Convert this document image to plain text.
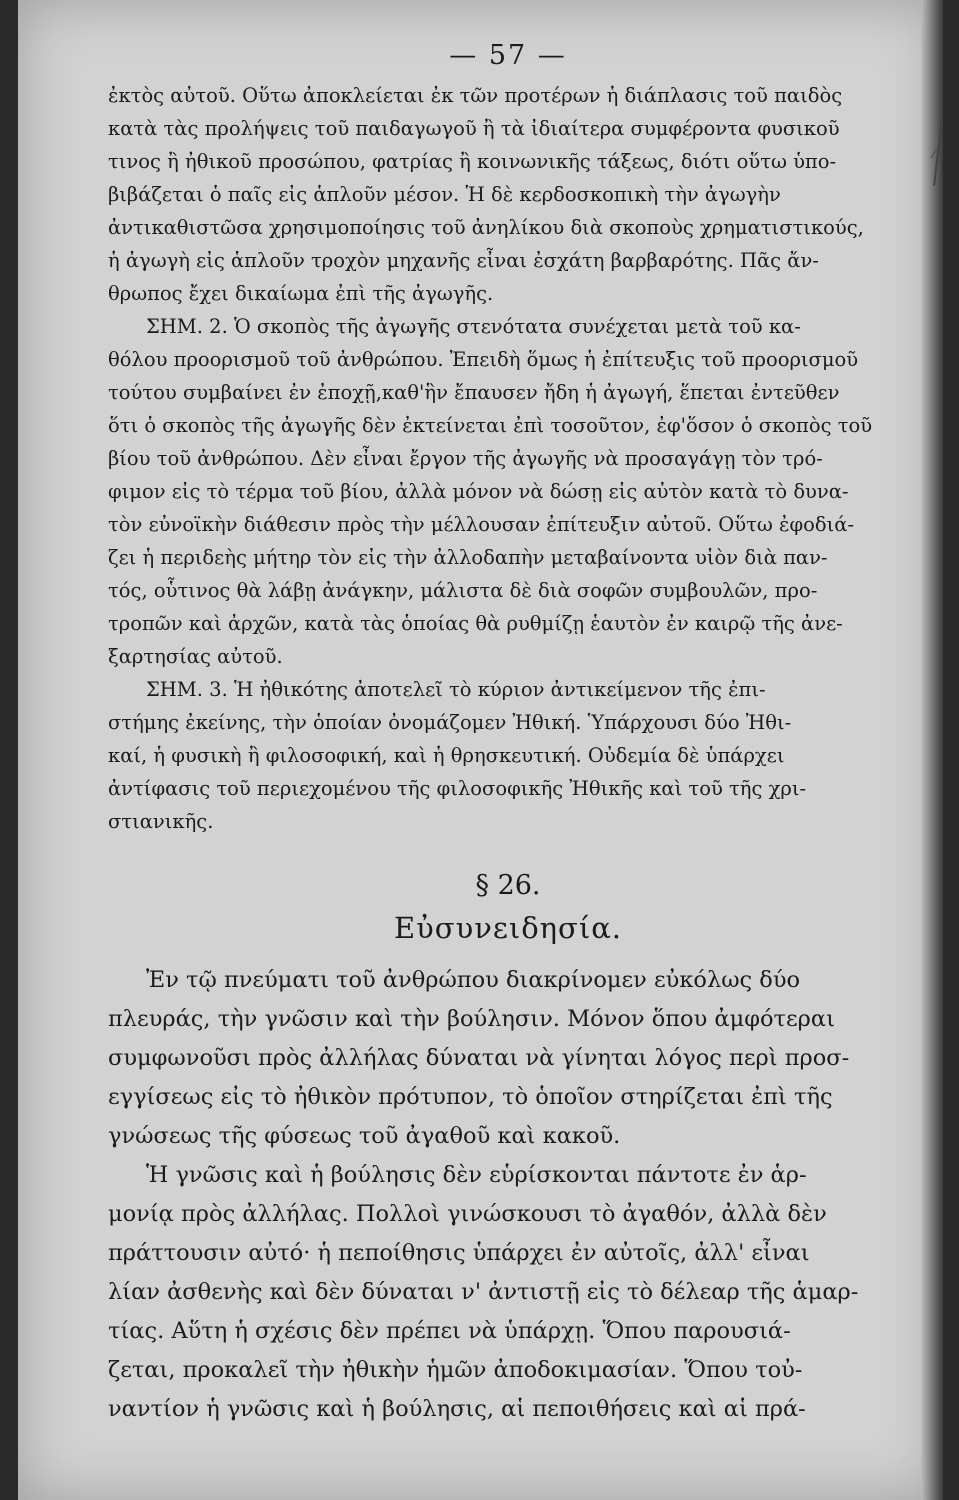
— 57 —
ἐκτὸς αὐτοῦ. Οὕτω ἀποκλείεται ἐκ τῶν προτέρων ἡ διάπλασις τοῦ παιδὸς
κατὰ τὰς προλήψεις τοῦ παιδαγωγοῦ ἢ τὰ ἰδιαίτερα συμφέροντα φυσικοῦ
τινος ἢ ἠθικοῦ προσώπου, φατρίας ἢ κοινωνικῆς τάξεως, διότι οὕτω ὑπο-
βιβάζεται ὁ παῖς εἰς ἁπλοῦν μέσον. Ἡ δὲ κερδοσκοπικὴ τὴν ἀγωγὴν
ἀντικαθιστῶσα χρησιμοποίησις τοῦ ἀνηλίκου διὰ σκοποὺς χρηματιστικούς,
ἡ ἀγωγὴ εἰς ἁπλοῦν τροχὸν μηχανῆς εἶναι ἐσχάτη βαρβαρότης. Πᾶς ἄν-
θρωπος ἔχει δικαίωμα ἐπὶ τῆς ἀγωγῆς.
ΣΗΜ. 2. Ὁ σκοπὸς τῆς ἀγωγῆς στενότατα συνέχεται μετὰ τοῦ κα-
θόλου προορισμοῦ τοῦ ἀνθρώπου. Ἐπειδὴ ὅμως ἡ ἐπίτευξις τοῦ προορισμοῦ
τούτου συμβαίνει ἐν ἐποχῇ,καθ'ἣν ἔπαυσεν ἤδη ἡ ἀγωγή, ἕπεται ἐντεῦθεν
ὅτι ὁ σκοπὸς τῆς ἀγωγῆς δὲν ἐκτείνεται ἐπὶ τοσοῦτον, ἐφ'ὅσον ὁ σκοπὸς τοῦ
βίου τοῦ ἀνθρώπου. Δὲν εἶναι ἔργον τῆς ἀγωγῆς νὰ προσαγάγῃ τὸν τρό-
φιμον εἰς τὸ τέρμα τοῦ βίου, ἀλλὰ μόνον νὰ δώσῃ εἰς αὐτὸν κατὰ τὸ δυνα-
τὸν εὐνοϊκὴν διάθεσιν πρὸς τὴν μέλλουσαν ἐπίτευξιν αὐτοῦ. Οὕτω ἐφοδιά-
ζει ἡ περιδεὴς μήτηρ τὸν εἰς τὴν ἀλλοδαπὴν μεταβαίνοντα υἱὸν διὰ παν-
τός, οὗτινος θὰ λάβῃ ἀνάγκην, μάλιστα δὲ διὰ σοφῶν συμβουλῶν, προ-
τροπῶν καὶ ἀρχῶν, κατὰ τὰς ὁποίας θὰ ρυθμίζῃ ἑαυτὸν ἐν καιρῷ τῆς ἀνε-
ξαρτησίας αὐτοῦ.
ΣΗΜ. 3. Ἡ ἠθικότης ἀποτελεῖ τὸ κύριον ἀντικείμενον τῆς ἐπι-
στήμης ἐκείνης, τὴν ὁποίαν ὀνομάζομεν Ἠθική. Ὑπάρχουσι δύο Ἠθι-
καί, ἡ φυσικὴ ἢ φιλοσοφική, καὶ ἡ θρησκευτική. Οὐδεμία δὲ ὑπάρχει
ἀντίφασις τοῦ περιεχομένου τῆς φιλοσοφικῆς Ἠθικῆς καὶ τοῦ τῆς χρι-
στιανικῆς.
§ 26.
Εὐσυνειδησία.
Ἐν τῷ πνεύματι τοῦ ἀνθρώπου διακρίνομεν εὐκόλως δύο
πλευράς, τὴν γνῶσιν καὶ τὴν βούλησιν. Μόνον ὅπου ἀμφότεραι
συμφωνοῦσι πρὸς ἀλλήλας δύναται νὰ γίνηται λόγος περὶ προσ-
εγγίσεως εἰς τὸ ἠθικὸν πρότυπον, τὸ ὁποῖον στηρίζεται ἐπὶ τῆς
γνώσεως τῆς φύσεως τοῦ ἀγαθοῦ καὶ κακοῦ.
Ἡ γνῶσις καὶ ἡ βούλησις δὲν εὑρίσκονται πάντοτε ἐν ἁρ-
μονίᾳ πρὸς ἀλλήλας. Πολλοὶ γινώσκουσι τὸ ἀγαθόν, ἀλλὰ δὲν
πράττουσιν αὐτό· ἡ πεποίθησις ὑπάρχει ἐν αὐτοῖς, ἀλλ' εἶναι
λίαν ἀσθενὴς καὶ δὲν δύναται ν' ἀντιστῇ εἰς τὸ δέλεαρ τῆς ἁμαρ-
τίας. Αὕτη ἡ σχέσις δὲν πρέπει νὰ ὑπάρχῃ. Ὅπου παρουσιά-
ζεται, προκαλεῖ τὴν ἠθικὴν ἡμῶν ἀποδοκιμασίαν. Ὅπου τοὐ-
ναντίον ἡ γνῶσις καὶ ἡ βούλησις, αἱ πεποιθήσεις καὶ αἱ πρά-
